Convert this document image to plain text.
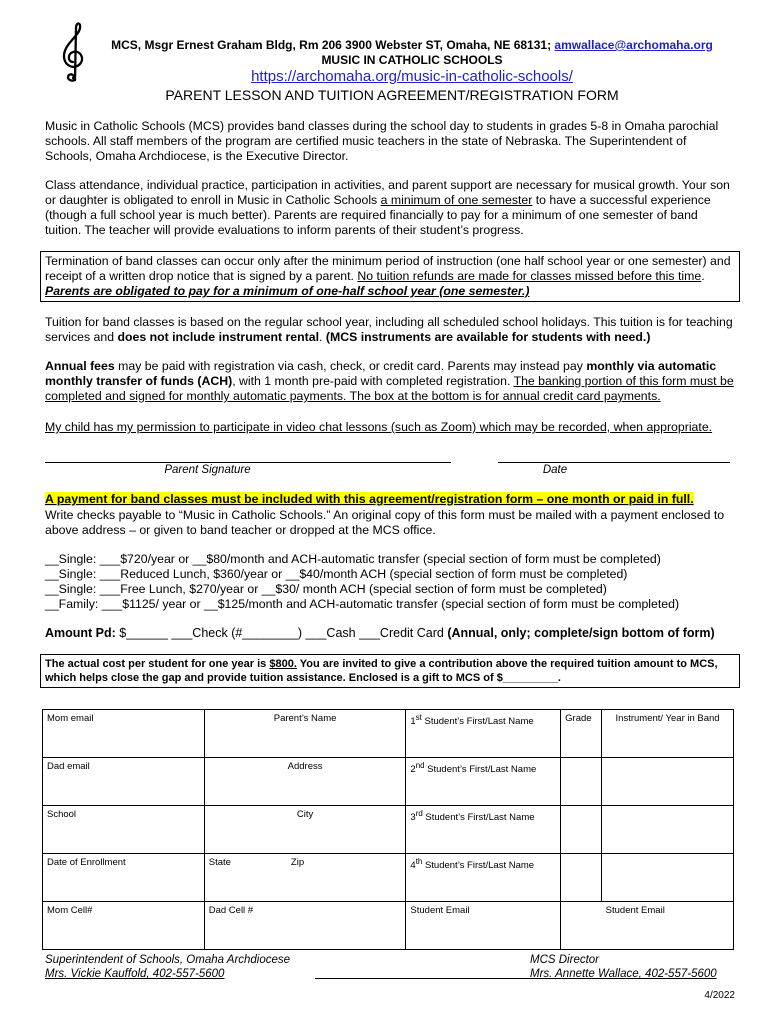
MCS, Msgr Ernest Graham Bldg, Rm 206 3900 Webster ST, Omaha, NE 68131; amwallace@archomaha.org
MUSIC IN CATHOLIC SCHOOLS
https://archomaha.org/music-in-catholic-schools/
PARENT LESSON AND TUITION AGREEMENT/REGISTRATION FORM
Music in Catholic Schools (MCS) provides band classes during the school day to students in grades 5-8 in Omaha parochial schools. All staff members of the program are certified music teachers in the state of Nebraska. The Superintendent of Schools, Omaha Archdiocese, is the Executive Director.
Class attendance, individual practice, participation in activities, and parent support are necessary for musical growth. Your son or daughter is obligated to enroll in Music in Catholic Schools a minimum of one semester to have a successful experience (though a full school year is much better). Parents are required financially to pay for a minimum of one semester of band tuition. The teacher will provide evaluations to inform parents of their student’s progress.
Termination of band classes can occur only after the minimum period of instruction (one half school year or one semester) and receipt of a written drop notice that is signed by a parent. No tuition refunds are made for classes missed before this time. Parents are obligated to pay for a minimum of one-half school year (one semester.)
Tuition for band classes is based on the regular school year, including all scheduled school holidays. This tuition is for teaching services and does not include instrument rental. (MCS instruments are available for students with need.)
Annual fees may be paid with registration via cash, check, or credit card. Parents may instead pay monthly via automatic monthly transfer of funds (ACH), with 1 month pre-paid with completed registration. The banking portion of this form must be completed and signed for monthly automatic payments. The box at the bottom is for annual credit card payments.
My child has my permission to participate in video chat lessons (such as Zoom) which may be recorded, when appropriate.
Parent Signature	Date
A payment for band classes must be included with this agreement/registration form – one month or paid in full.
Write checks payable to “Music in Catholic Schools.” An original copy of this form must be mailed with a payment enclosed to above address – or given to band teacher or dropped at the MCS office.
__Single: ___$720/year or __$80/month and ACH-automatic transfer (special section of form must be completed)
__Single: ___Reduced Lunch, $360/year or __$40/month ACH (special section of form must be completed)
__Single: ___Free Lunch, $270/year or __$30/ month ACH (special section of form must be completed)
__Family: ___$1125/ year or __$125/month and ACH-automatic transfer (special section of form must be completed)
Amount Pd: $______ ___Check (#________) ___Cash ___Credit Card (Annual, only; complete/sign bottom of form)
The actual cost per student for one year is $800. You are invited to give a contribution above the required tuition amount to MCS, which helps close the gap and provide tuition assistance. Enclosed is a gift to MCS of $_________.
Mom email	Parent’s Name	1st Student’s First/Last Name	Grade	Instrument/ Year in Band
Dad email	Address	2nd Student’s First/Last Name		
School	City	3rd Student’s First/Last Name		
Date of Enrollment	State Zip	4th Student’s First/Last Name		
Mom Cell#	Dad Cell #	Student Email		Student Email
Superintendent of Schools, Omaha Archdiocese
Mrs. Vickie Kauffold, 402-557-5600
MCS Director
Mrs. Annette Wallace, 402-557-5600
4/2022
